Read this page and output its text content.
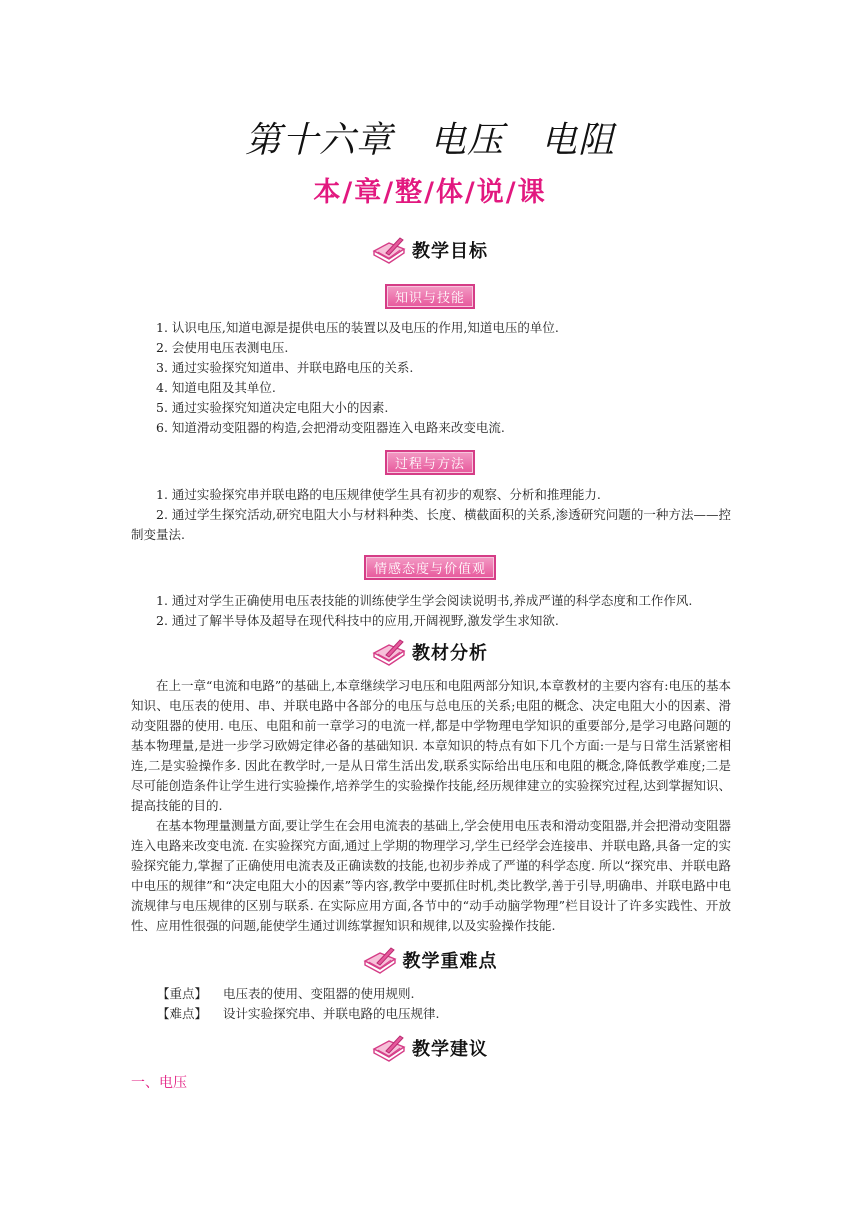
第十六章　电压　电阻
本/章/整/体/说/课
教学目标
知识与技能
1. 认识电压,知道电源是提供电压的装置以及电压的作用,知道电压的单位.
2. 会使用电压表测电压.
3. 通过实验探究知道串、并联电路电压的关系.
4. 知道电阻及其单位.
5. 通过实验探究知道决定电阻大小的因素.
6. 知道滑动变阻器的构造,会把滑动变阻器连入电路来改变电流.
过程与方法
1. 通过实验探究串并联电路的电压规律使学生具有初步的观察、分析和推理能力.
2. 通过学生探究活动,研究电阻大小与材料种类、长度、横截面积的关系,渗透研究问题的一种方法——控制变量法.
情感态度与价值观
1. 通过对学生正确使用电压表技能的训练使学生学会阅读说明书,养成严谨的科学态度和工作作风.
2. 通过了解半导体及超导在现代科技中的应用,开阔视野,激发学生求知欲.
教材分析
在上一章“电流和电路”的基础上,本章继续学习电压和电阻两部分知识,本章教材的主要内容有:电压的基本知识、电压表的使用、串、并联电路中各部分的电压与总电压的关系;电阻的概念、决定电阻大小的因素、滑动变阻器的使用. 电压、电阻和前一章学习的电流一样,都是中学物理电学知识的重要部分,是学习电路问题的基本物理量,是进一步学习欧姆定律必备的基础知识. 本章知识的特点有如下几个方面:一是与日常生活紧密相连,二是实验操作多. 因此在教学时,一是从日常生活出发,联系实际给出电压和电阻的概念,降低教学难度;二是尽可能创造条件让学生进行实验操作,培养学生的实验操作技能,经历规律建立的实验探究过程,达到掌握知识、提高技能的目的.
在基本物理量测量方面,要让学生在会用电流表的基础上,学会使用电压表和滑动变阻器,并会把滑动变阻器连入电路来改变电流. 在实验探究方面,通过上学期的物理学习,学生已经学会连接串、并联电路,具备一定的实验探究能力,掌握了正确使用电流表及正确读数的技能,也初步养成了严谨的科学态度. 所以“探究串、并联电路中电压的规律”和“决定电阻大小的因素”等内容,教学中要抓住时机,类比教学,善于引导,明确串、并联电路中电流规律与电压规律的区别与联系. 在实际应用方面,各节中的“动手动脑学物理”栏目设计了许多实践性、开放性、应用性很强的问题,能使学生通过训练掌握知识和规律,以及实验操作技能.
教学重难点
【重点】 电压表的使用、变阻器的使用规则.
【难点】 设计实验探究串、并联电路的电压规律.
教学建议
一、电压
